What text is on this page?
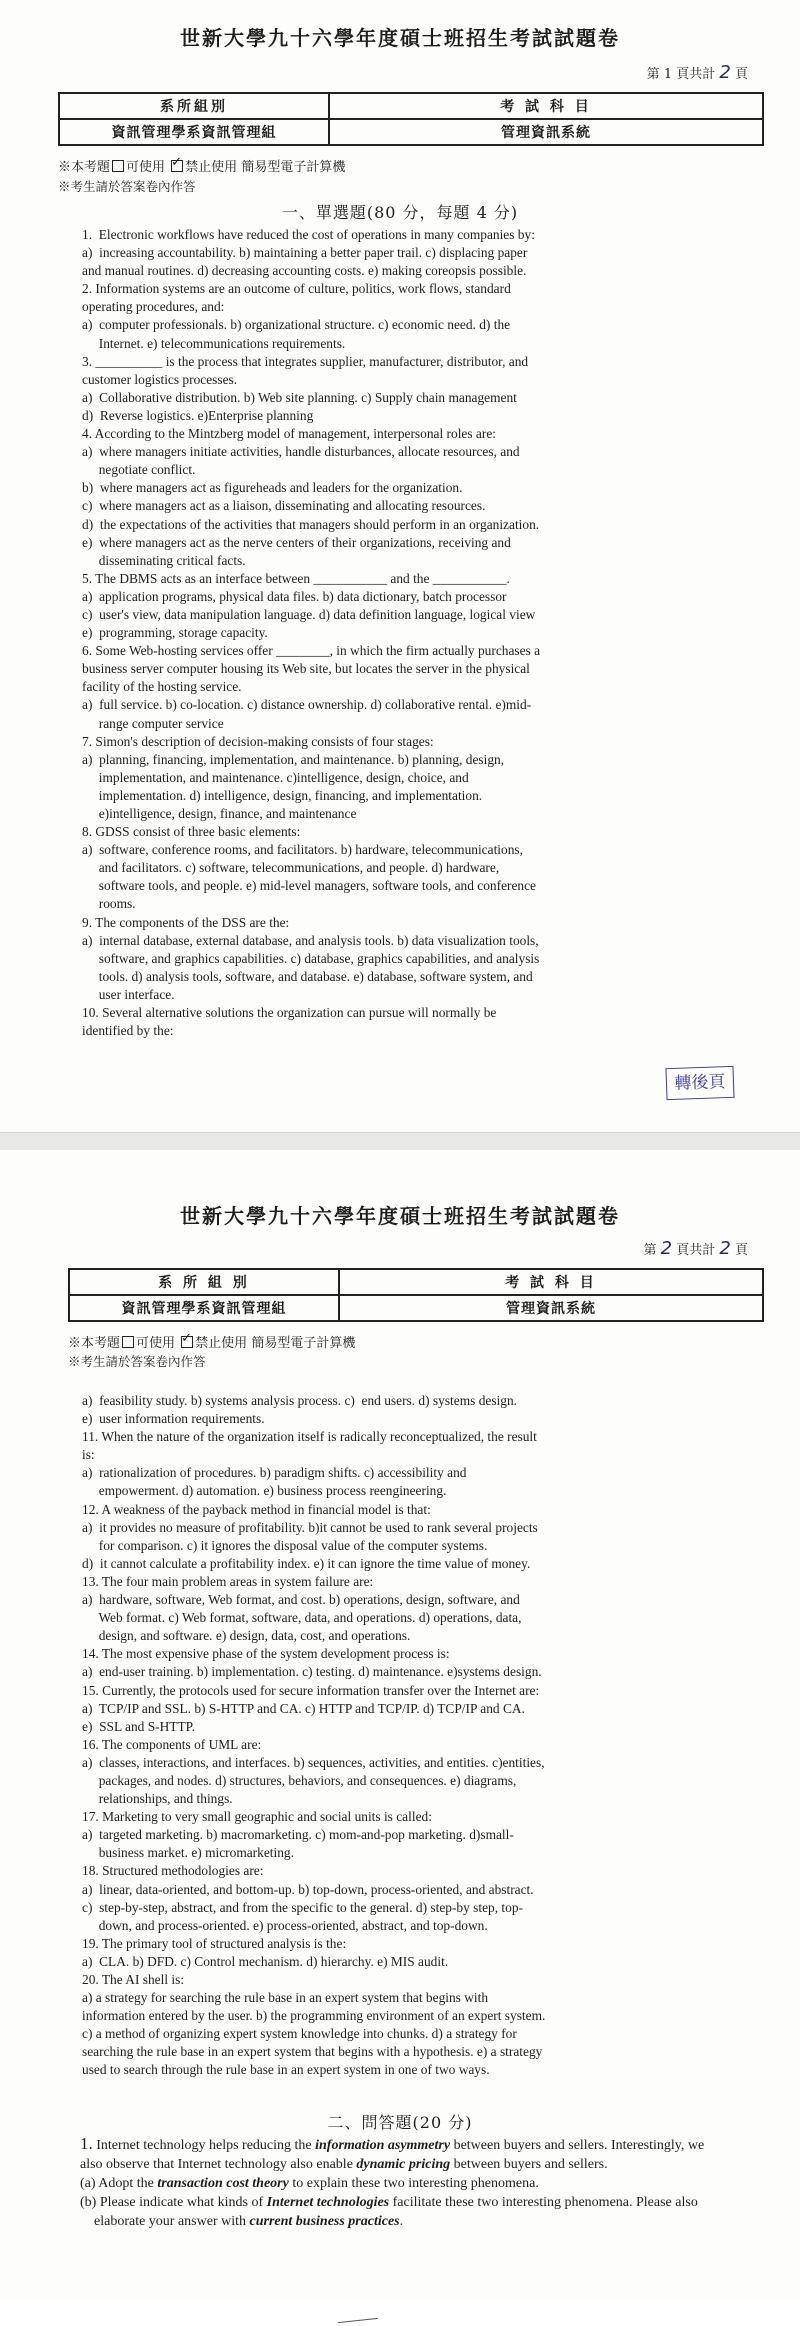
世新大學九十六學年度碩士班招生考試試題卷
第 1 頁共計 2 頁
系所組別	考 試 科 目
資訊管理學系資訊管理組	管理資訊系統
※本考題 可使用 ✓ 禁止使用 簡易型電子計算機
※考生請於答案卷內作答
一、單選題(80 分，每題 4 分)

1.  Electronic workflows have reduced the cost of operations in many companies by:

a)  increasing accountability. b) maintaining a better paper trail. c) displacing paper

and manual routines. d) decreasing accounting costs. e) making coreopsis possible.

2. Information systems are an outcome of culture, politics, work flows, standard

operating procedures, and:

a)  computer professionals. b) organizational structure. c) economic need. d) the

Internet. e) telecommunications requirements.

3. __________ is the process that integrates supplier, manufacturer, distributor, and

customer logistics processes.

a)  Collaborative distribution. b) Web site planning. c) Supply chain management

d)  Reverse logistics. e)Enterprise planning

4. According to the Mintzberg model of management, interpersonal roles are:

a)  where managers initiate activities, handle disturbances, allocate resources, and

negotiate conflict.

b)  where managers act as figureheads and leaders for the organization.

c)  where managers act as a liaison, disseminating and allocating resources.

d)  the expectations of the activities that managers should perform in an organization.

e)  where managers act as the nerve centers of their organizations, receiving and

disseminating critical facts.

5. The DBMS acts as an interface between ___________ and the ___________.

a)  application programs, physical data files. b) data dictionary, batch processor

c)  user's view, data manipulation language. d) data definition language, logical view

e)  programming, storage capacity.

6. Some Web-hosting services offer ________, in which the firm actually purchases a

business server computer housing its Web site, but locates the server in the physical

facility of the hosting service.

a)  full service. b) co-location. c) distance ownership. d) collaborative rental. e)mid-

range computer service

7. Simon's description of decision-making consists of four stages:

a)  planning, financing, implementation, and maintenance. b) planning, design,

implementation, and maintenance. c)intelligence, design, choice, and

implementation. d) intelligence, design, financing, and implementation.

e)intelligence, design, finance, and maintenance

8. GDSS consist of three basic elements:

a)  software, conference rooms, and facilitators. b) hardware, telecommunications,

and facilitators. c) software, telecommunications, and people. d) hardware,

software tools, and people. e) mid-level managers, software tools, and conference

rooms.

9. The components of the DSS are the:

a)  internal database, external database, and analysis tools. b) data visualization tools,

software, and graphics capabilities. c) database, graphics capabilities, and analysis

tools. d) analysis tools, software, and database. e) database, software system, and

user interface.

10. Several alternative solutions the organization can pursue will normally be

identified by the:

轉後頁
世新大學九十六學年度碩士班招生考試試題卷
第 2 頁共計 2 頁
系 所 組 別	考 試 科 目
資訊管理學系資訊管理組	管理資訊系統
※本考題 可使用 ✓ 禁止使用 簡易型電子計算機
※考生請於答案卷內作答

a)  feasibility study. b) systems analysis process. c)  end users. d) systems design.

e)  user information requirements.

11. When the nature of the organization itself is radically reconceptualized, the result

is:

a)  rationalization of procedures. b) paradigm shifts. c) accessibility and

empowerment. d) automation. e) business process reengineering.

12. A weakness of the payback method in financial model is that:

a)  it provides no measure of profitability. b)it cannot be used to rank several projects

for comparison. c) it ignores the disposal value of the computer systems.

d)  it cannot calculate a profitability index. e) it can ignore the time value of money.

13. The four main problem areas in system failure are:

a)  hardware, software, Web format, and cost. b) operations, design, software, and

Web format. c) Web format, software, data, and operations. d) operations, data,

design, and software. e) design, data, cost, and operations.

14. The most expensive phase of the system development process is:

a)  end-user training. b) implementation. c) testing. d) maintenance. e)systems design.

15. Currently, the protocols used for secure information transfer over the Internet are:

a)  TCP/IP and SSL. b) S-HTTP and CA. c) HTTP and TCP/IP. d) TCP/IP and CA.

e)  SSL and S-HTTP.

16. The components of UML are:

a)  classes, interactions, and interfaces. b) sequences, activities, and entities. c)entities,

packages, and nodes. d) structures, behaviors, and consequences. e) diagrams,

relationships, and things.

17. Marketing to very small geographic and social units is called:

a)  targeted marketing. b) macromarketing. c) mom-and-pop marketing. d)small-

business market. e) micromarketing.

18. Structured methodologies are:

a)  linear, data-oriented, and bottom-up. b) top-down, process-oriented, and abstract.

c)  step-by-step, abstract, and from the specific to the general. d) step-by step, top-

down, and process-oriented. e) process-oriented, abstract, and top-down.

19. The primary tool of structured analysis is the:

a)  CLA. b) DFD. c) Control mechanism. d) hierarchy. e) MIS audit.

20. The AI shell is:

a) a strategy for searching the rule base in an expert system that begins with

information entered by the user. b) the programming environment of an expert system.

c) a method of organizing expert system knowledge into chunks. d) a strategy for

searching the rule base in an expert system that begins with a hypothesis. e) a strategy

used to search through the rule base in an expert system in one of two ways.

二、問答題(20 分)

1. Internet technology helps reducing the information asymmetry between buyers and sellers. Interestingly, we also observe that Internet technology also enable dynamic pricing between buyers and sellers.

(a) Adopt the transaction cost theory to explain these two interesting phenomena.

(b) Please indicate what kinds of Internet technologies facilitate these two interesting phenomena. Please also elaborate your answer with current business practices.
